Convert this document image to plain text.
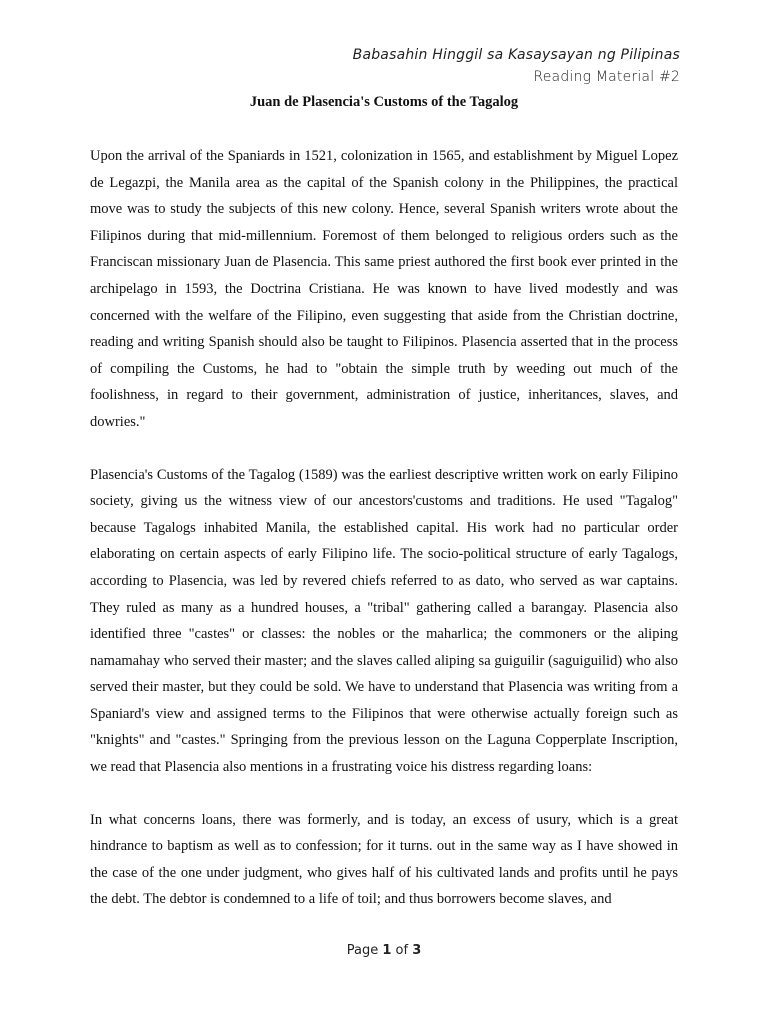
Babasahin Hinggil sa Kasaysayan ng Pilipinas
Reading Material #2
Juan de Plasencia's Customs of the Tagalog

Upon the arrival of the Spaniards in 1521, colonization in 1565, and establishment by Miguel Lopez de Legazpi, the Manila area as the capital of the Spanish colony in the Philippines, the practical move was to study the subjects of this new colony. Hence, several Spanish writers wrote about the Filipinos during that mid-millennium. Foremost of them belonged to religious orders such as the Franciscan missionary Juan de Plasencia. This same priest authored the first book ever printed in the archipelago in 1593, the Doctrina Cristiana. He was known to have lived modestly and was concerned with the welfare of the Filipino, even suggesting that aside from the Christian doctrine, reading and writing Spanish should also be taught to Filipinos. Plasencia asserted that in the process of compiling the Customs, he had to "obtain the simple truth by weeding out much of the foolishness, in regard to their government, administration of justice, inheritances, slaves, and dowries."

Plasencia's Customs of the Tagalog (1589) was the earliest descriptive written work on early Filipino society, giving us the witness view of our ancestors'customs and traditions. He used "Tagalog" because Tagalogs inhabited Manila, the established capital. His work had no particular order elaborating on certain aspects of early Filipino life. The socio-political structure of early Tagalogs, according to Plasencia, was led by revered chiefs referred to as dato, who served as war captains. They ruled as many as a hundred houses, a "tribal" gathering called a barangay. Plasencia also identified three "castes" or classes: the nobles or the maharlica; the commoners or the aliping namamahay who served their master; and the slaves called aliping sa guiguilir (saguiguilid) who also served their master, but they could be sold. We have to understand that Plasencia was writing from a Spaniard's view and assigned terms to the Filipinos that were otherwise actually foreign such as "knights" and "castes." Springing from the previous lesson on the Laguna Copperplate Inscription, we read that Plasencia also mentions in a frustrating voice his distress regarding loans:

In what concerns loans, there was formerly, and is today, an excess of usury, which is a great hindrance to baptism as well as to confession; for it turns. out in the same way as I have showed in the case of the one under judgment, who gives half of his cultivated lands and profits until he pays the debt. The debtor is condemned to a life of toil; and thus borrowers become slaves, and

Page 1 of 3
